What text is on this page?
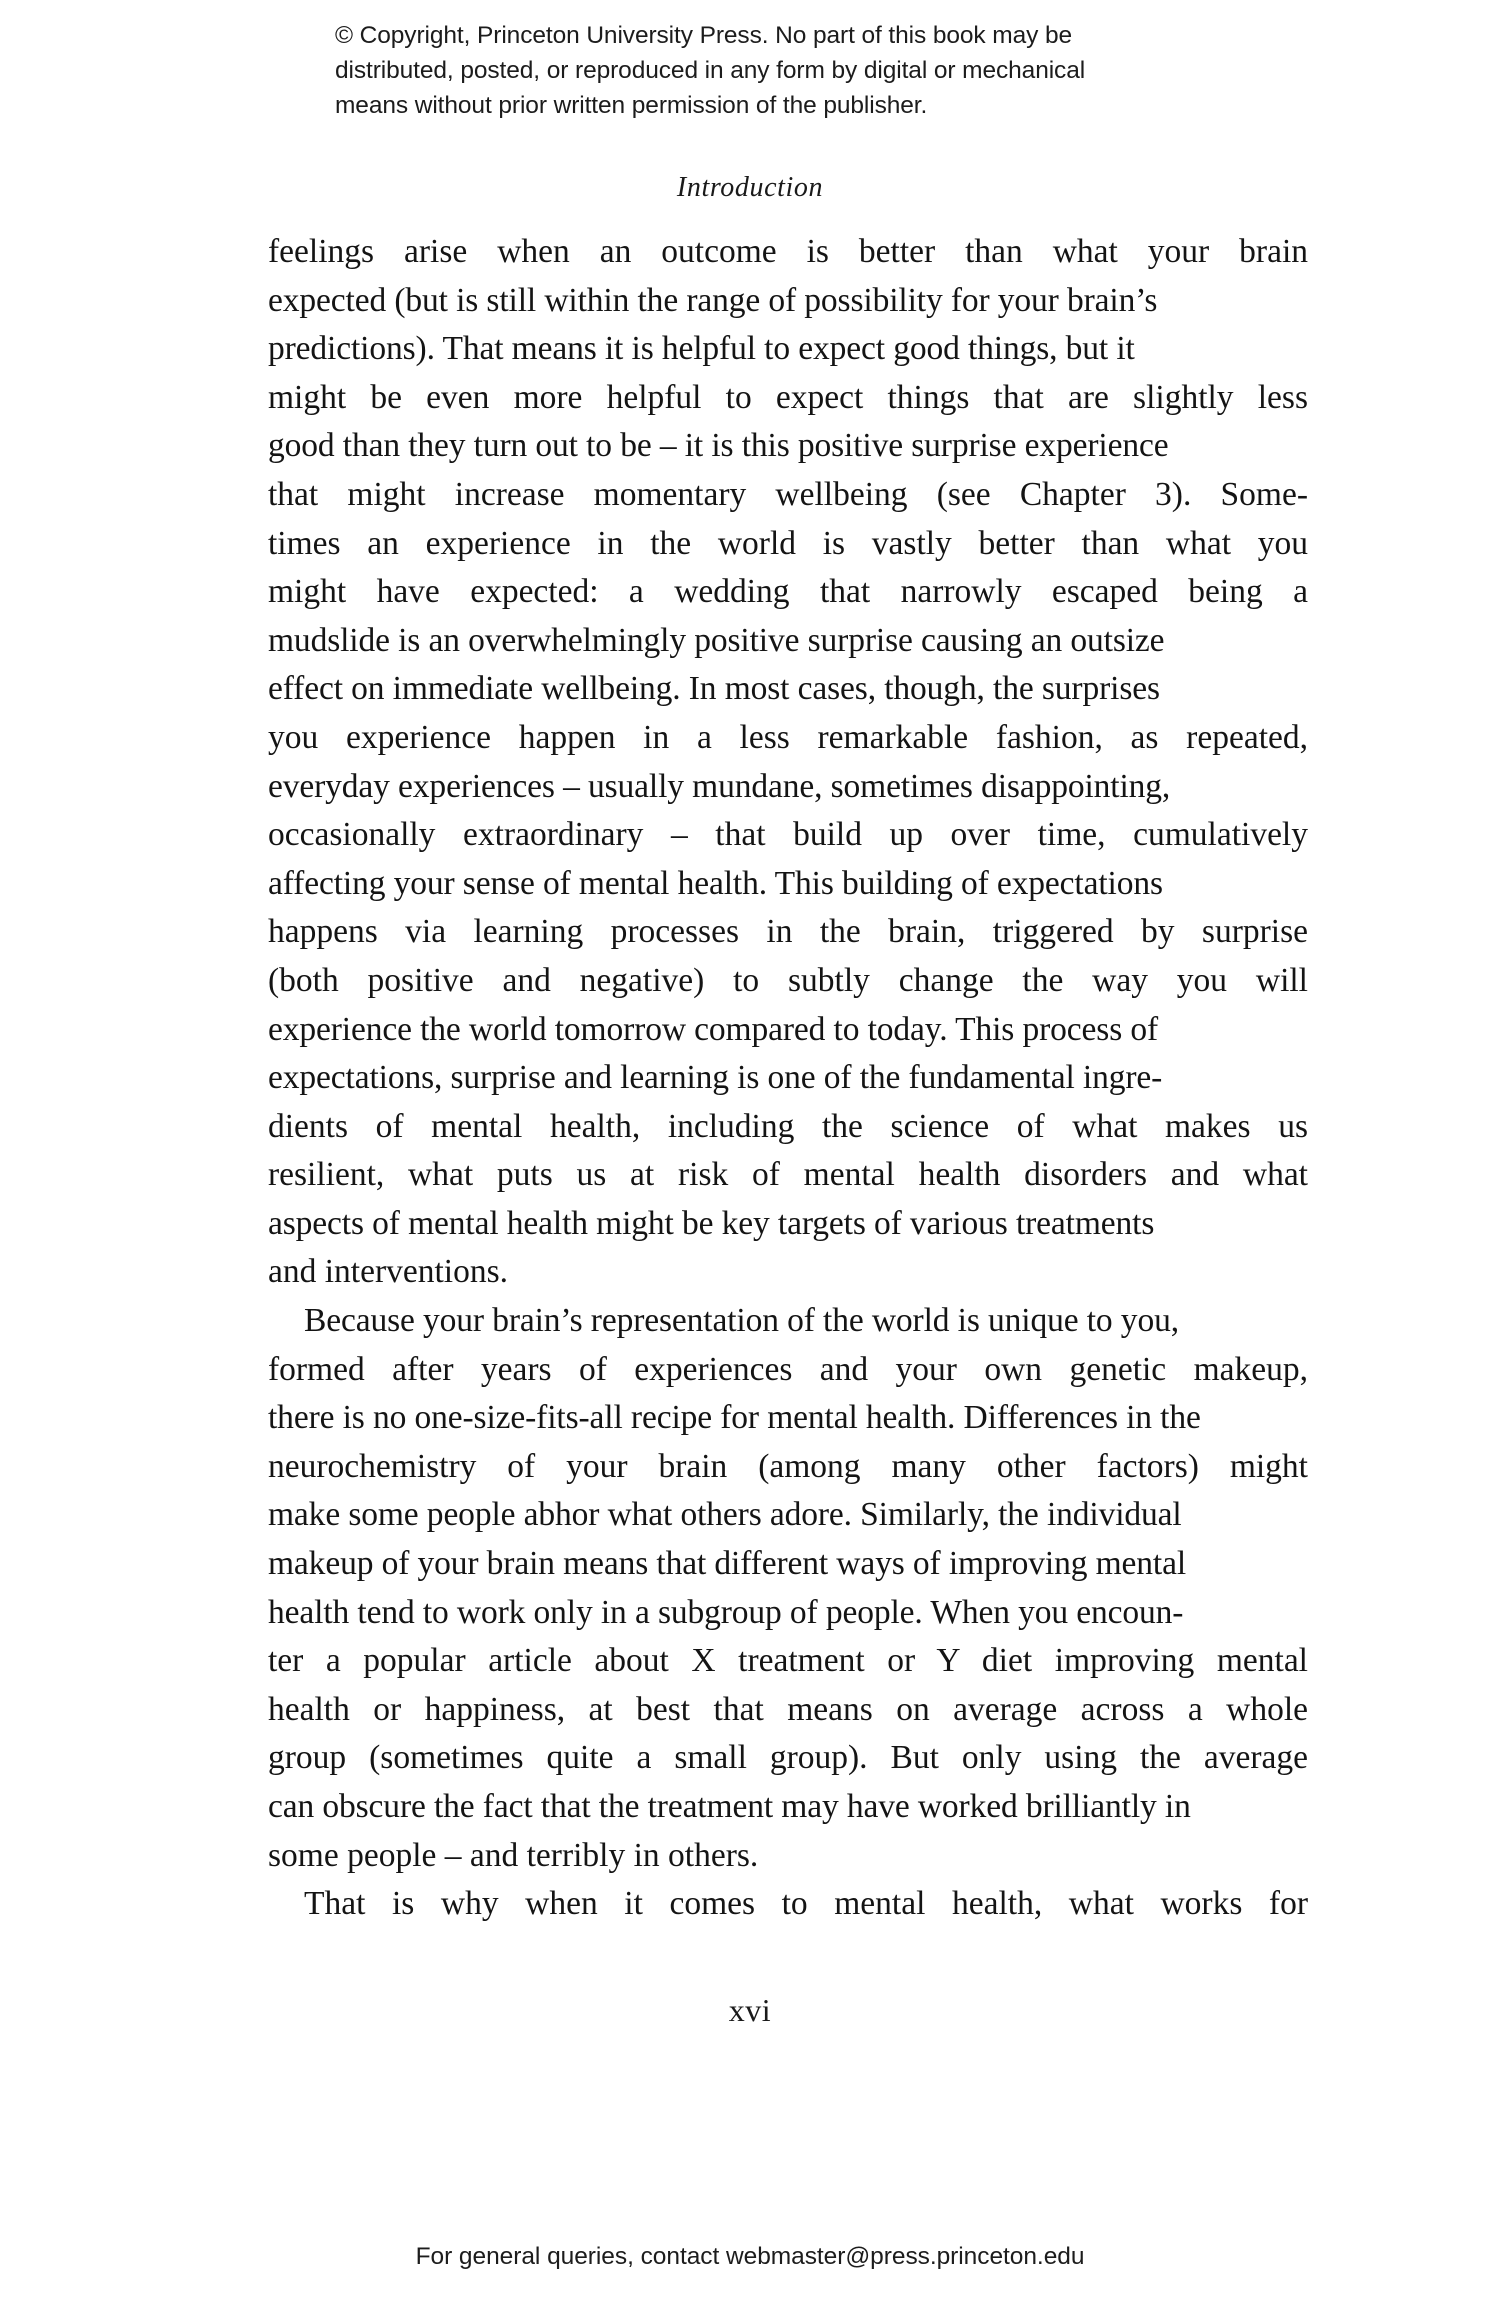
© Copyright, Princeton University Press. No part of this book may be
distributed, posted, or reproduced in any form by digital or mechanical
means without prior written permission of the publisher.
Introduction
feelings arise when an outcome is better than what your brain
expected (but is still within the range of possibility for your brain’s
predictions). That means it is helpful to expect good things, but it
might be even more helpful to expect things that are slightly less
good than they turn out to be – it is this positive surprise experience
that might increase momentary wellbeing (see Chapter 3). Some-
times an experience in the world is vastly better than what you
might have expected: a wedding that narrowly escaped being a
mudslide is an overwhelmingly positive surprise causing an outsize
effect on immediate wellbeing. In most cases, though, the surprises
you experience happen in a less remarkable fashion, as repeated,
everyday experiences – usually mundane, sometimes disappointing,
occasionally extraordinary – that build up over time, cumulatively
affecting your sense of mental health. This building of expectations
happens via learning processes in the brain, triggered by surprise
(both positive and negative) to subtly change the way you will
experience the world tomorrow compared to today. This process of
expectations, surprise and learning is one of the fundamental ingre-
dients of mental health, including the science of what makes us
resilient, what puts us at risk of mental health disorders and what
aspects of mental health might be key targets of various treatments
and interventions.
Because your brain’s representation of the world is unique to you,
formed after years of experiences and your own genetic makeup,
there is no one-size-fits-all recipe for mental health. Differences in the
neurochemistry of your brain (among many other factors) might
make some people abhor what others adore. Similarly, the individual
makeup of your brain means that different ways of improving mental
health tend to work only in a subgroup of people. When you encoun-
ter a popular article about X treatment or Y diet improving mental
health or happiness, at best that means on average across a whole
group (sometimes quite a small group). But only using the average
can obscure the fact that the treatment may have worked brilliantly in
some people – and terribly in others.
That is why when it comes to mental health, what works for
xvi
For general queries, contact webmaster@press.princeton.edu
